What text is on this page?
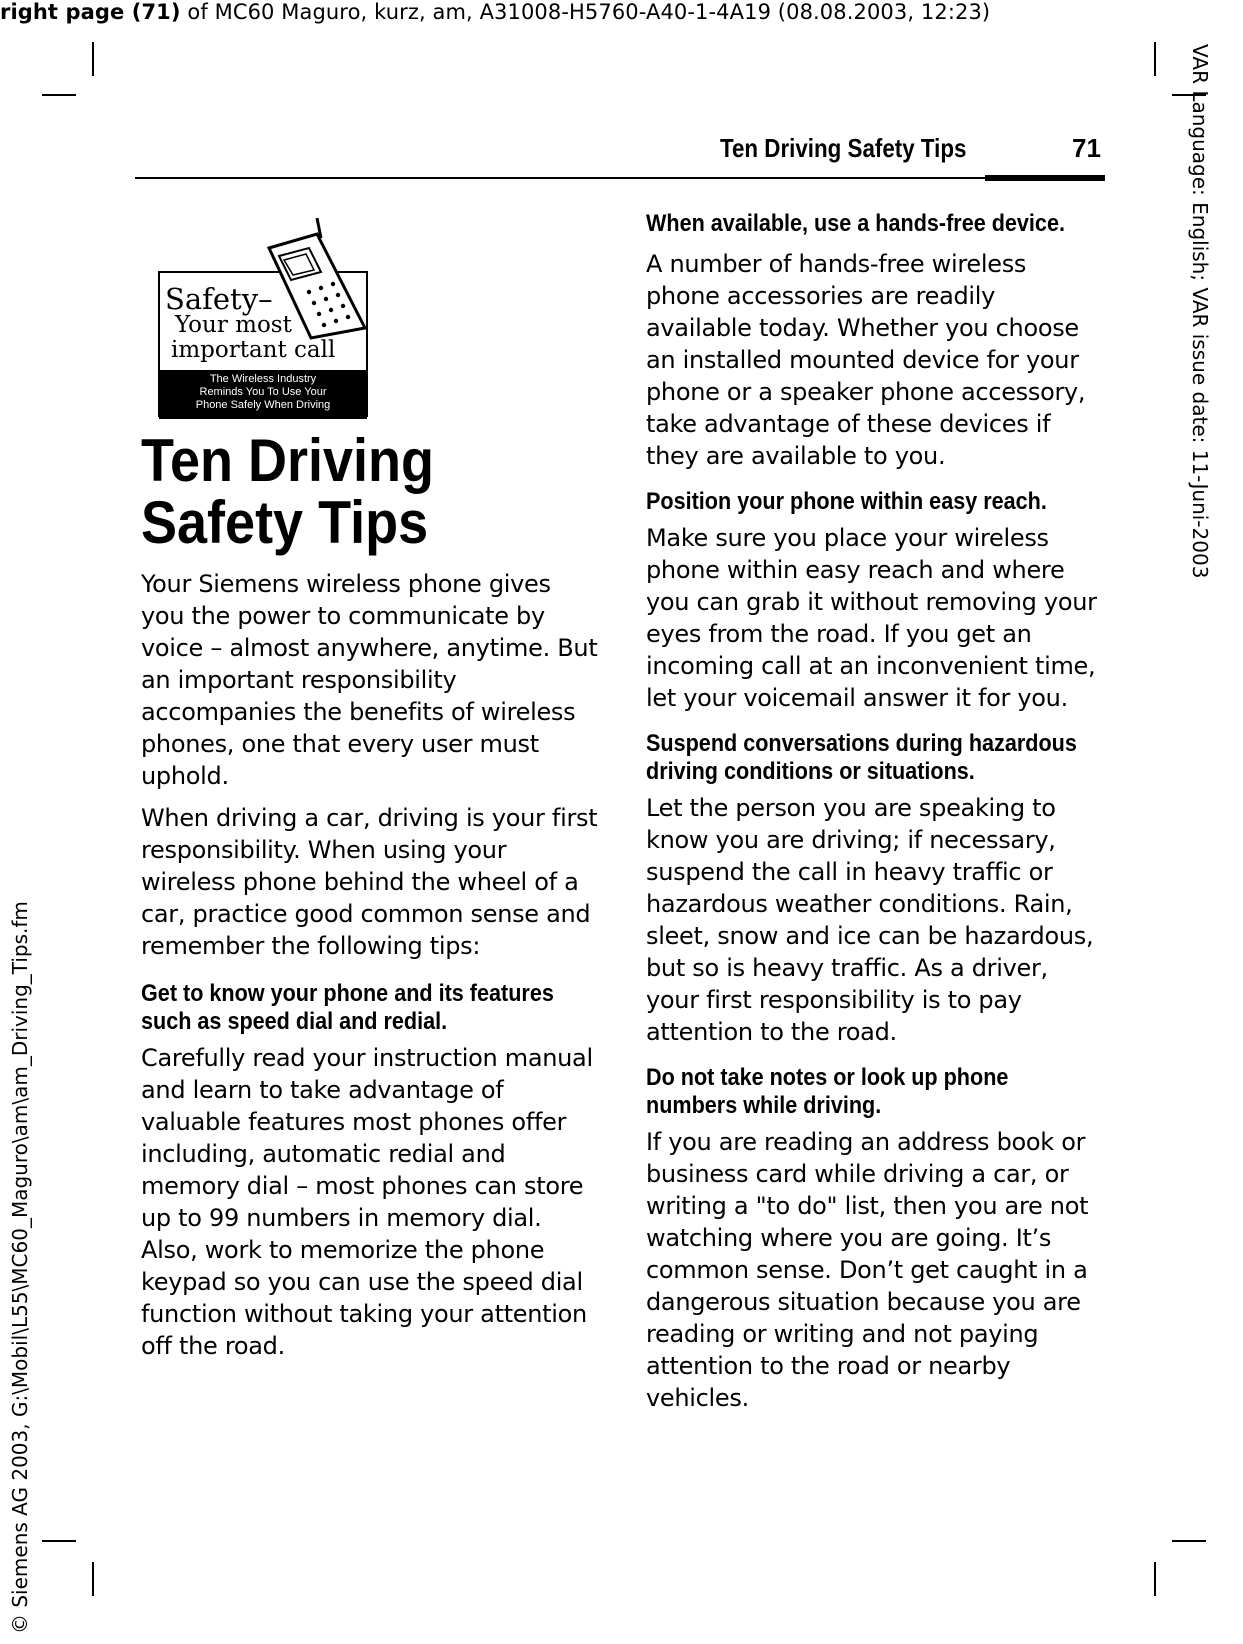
right page (71) of MC60 Maguro, kurz, am, A31008-H5760-A40-1-4A19 (08.08.2003, 12:23)
VAR Language: English; VAR issue date: 11-Juni-2003
© Siemens AG 2003, G:\Mobil\L55\MC60_Maguro\am\am_Driving_Tips.fm
Ten Driving Safety Tips	71
Safety–
Your most
important call
The Wireless Industry
Reminds You To Use Your
Phone Safely When Driving
Ten Driving Safety Tips

Your Siemens wireless phone gives you the power to communicate by voice – almost anywhere, anytime. But an important responsibility accompanies the benefits of wireless phones, one that every user must uphold.

When driving a car, driving is your first responsibility. When using your wireless phone behind the wheel of a car, practice good common sense and remember the following tips:

Get to know your phone and its features such as speed dial and redial.

Carefully read your instruction manual and learn to take advantage of valuable features most phones offer including, automatic redial and memory dial – most phones can store up to 99 numbers in memory dial. Also, work to memorize the phone keypad so you can use the speed dial function without taking your attention off the road.

When available, use a hands-free device.

A number of hands-free wireless phone accessories are readily available today. Whether you choose an installed mounted device for your phone or a speaker phone accessory, take advantage of these devices if they are available to you.

Position your phone within easy reach.

Make sure you place your wireless phone within easy reach and where you can grab it without removing your eyes from the road. If you get an incoming call at an inconvenient time, let your voicemail answer it for you.

Suspend conversations during hazardous driving conditions or situations.

Let the person you are speaking to know you are driving; if necessary, suspend the call in heavy traffic or hazardous weather conditions. Rain, sleet, snow and ice can be hazardous, but so is heavy traffic. As a driver, your first responsibility is to pay attention to the road.

Do not take notes or look up phone numbers while driving.

If you are reading an address book or business card while driving a car, or writing a "to do" list, then you are not watching where you are going. It’s common sense. Don’t get caught in a dangerous situation because you are reading or writing and not paying attention to the road or nearby vehicles.
